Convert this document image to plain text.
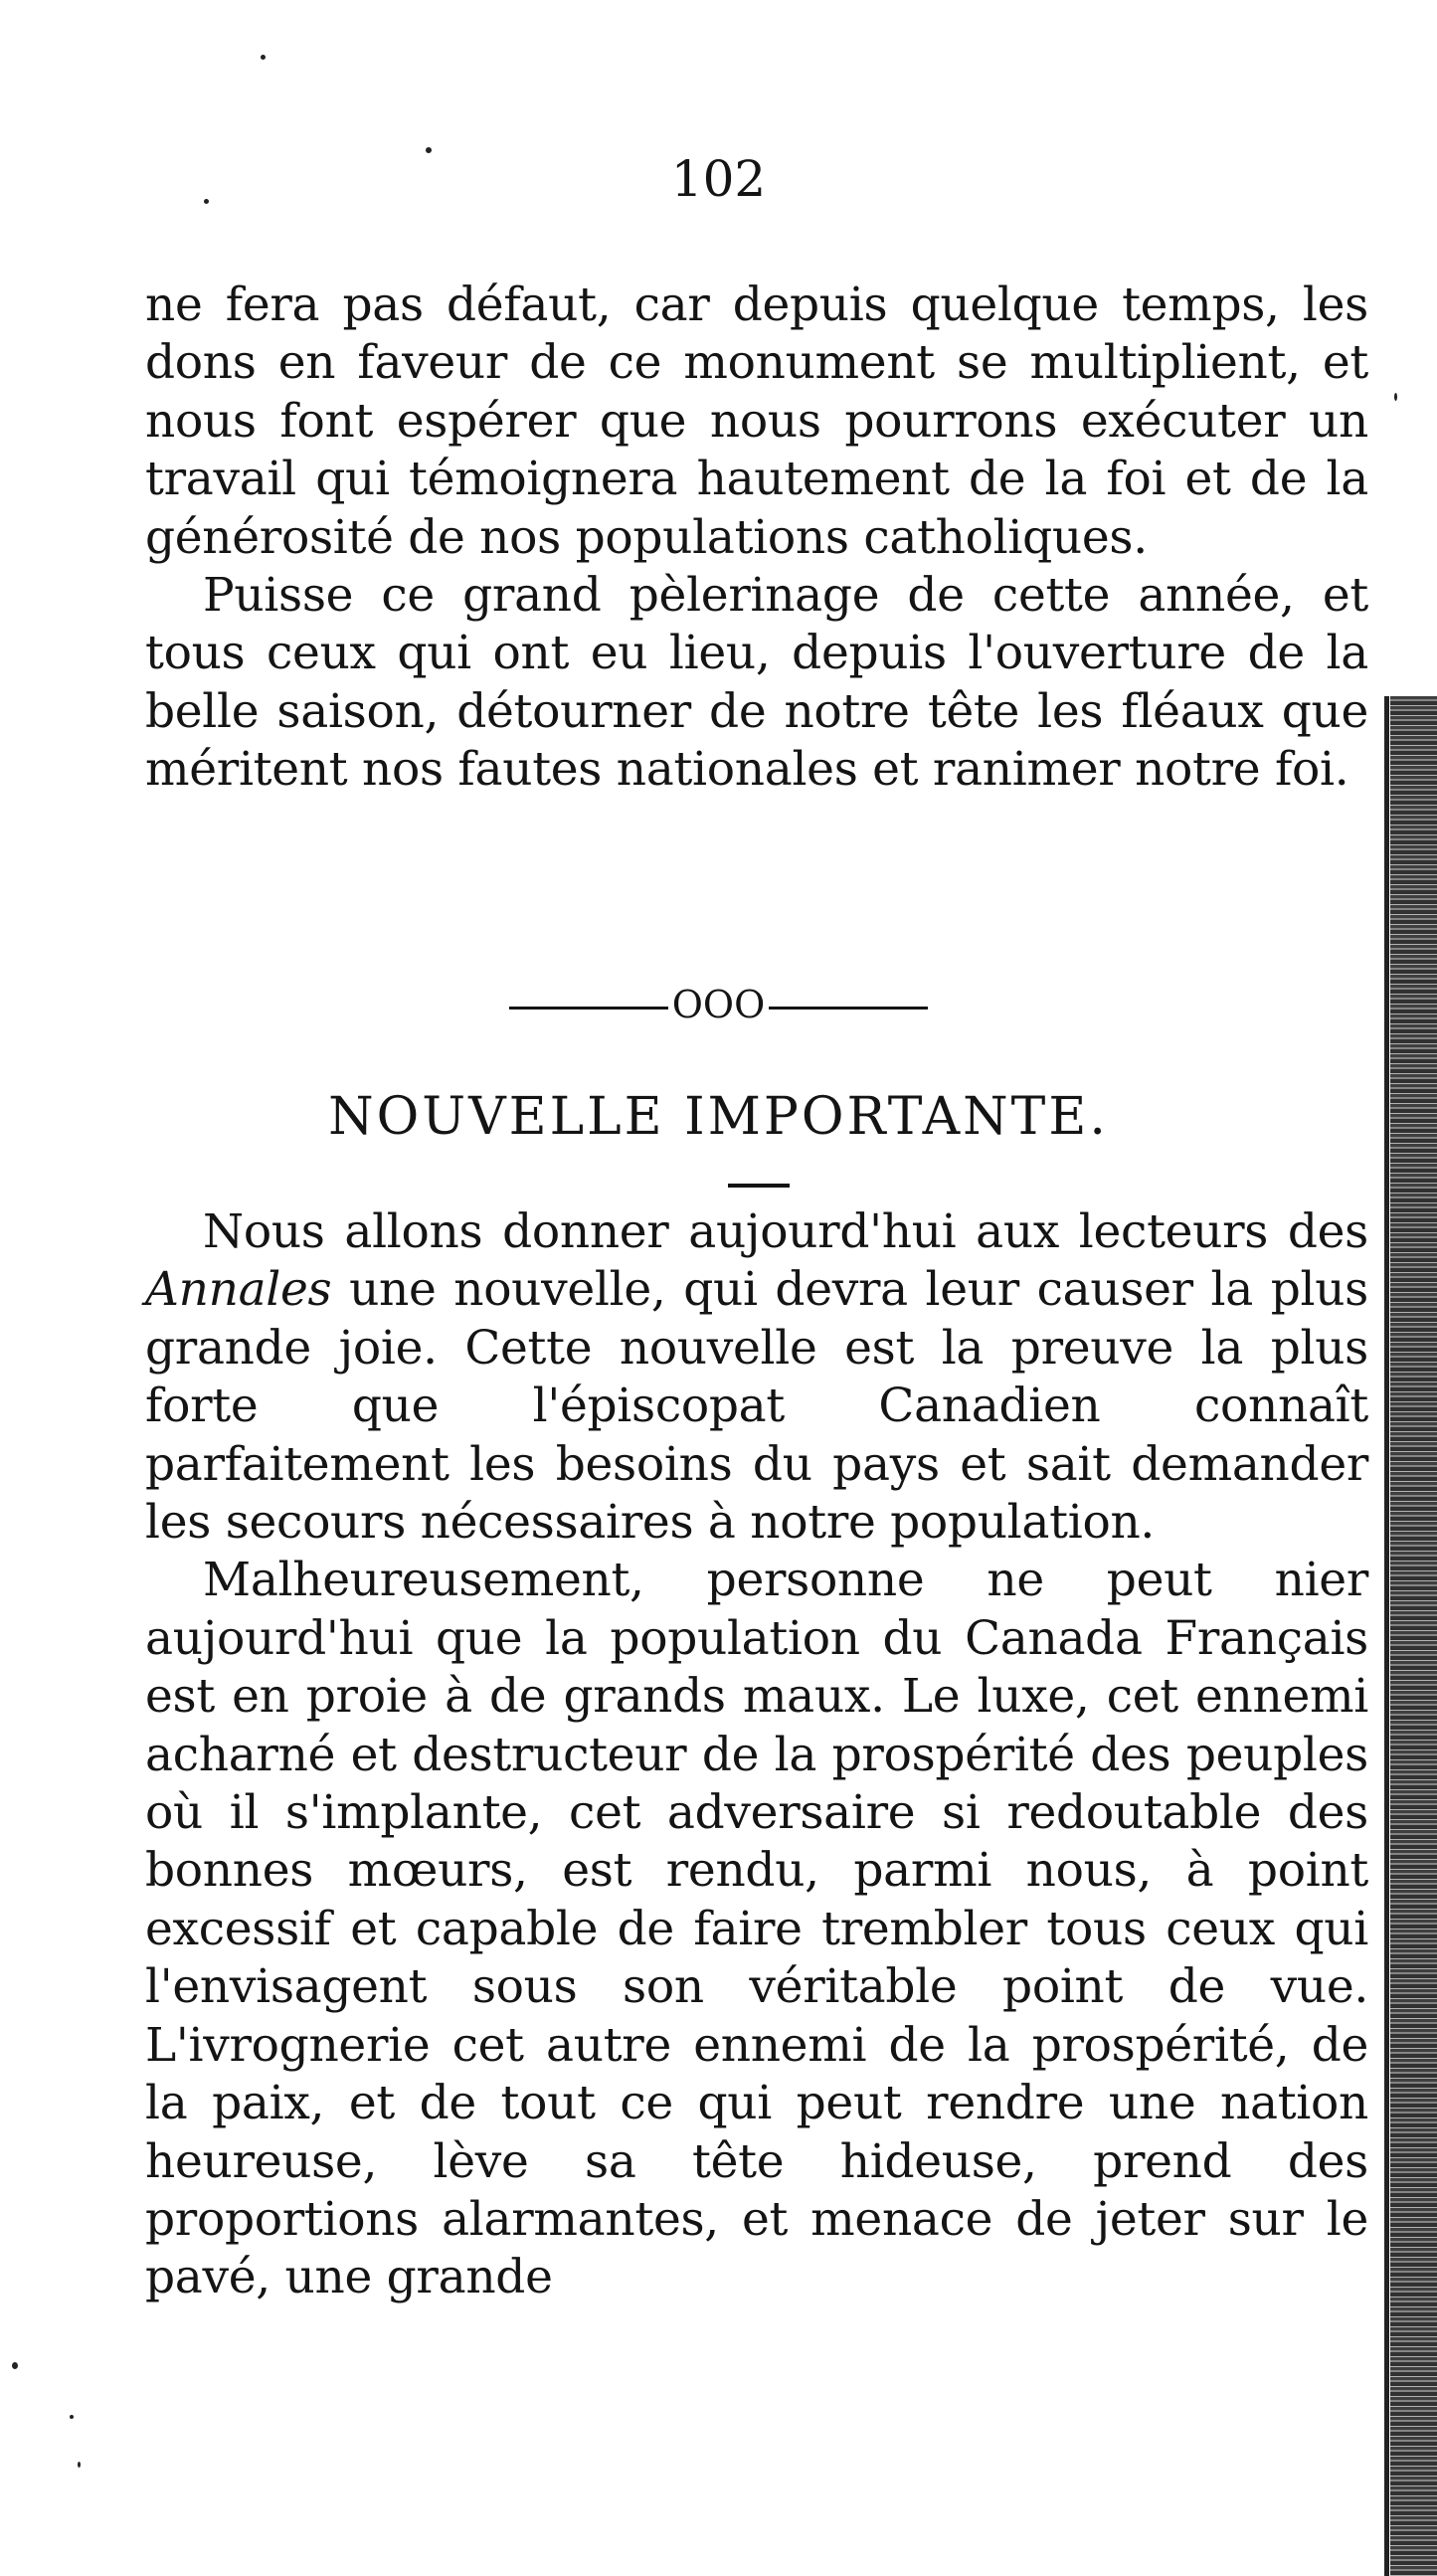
102

ne fera pas défaut, car depuis quelque temps, les dons en faveur de ce monument se multiplient, et nous font espérer que nous pourrons exécuter un travail qui témoignera hautement de la foi et de la générosité de nos populations catholiques.

Puisse ce grand pèlerinage de cette année, et tous ceux qui ont eu lieu, depuis l'ouverture de la belle saison, détourner de notre tête les fléaux que méritent nos fautes nationales et ranimer notre foi.

OOO
NOUVELLE IMPORTANTE.

Nous allons donner aujourd'hui aux lecteurs des Annales une nouvelle, qui devra leur causer la plus grande joie. Cette nouvelle est la preuve la plus forte que l'épiscopat Canadien connaît parfaitement les besoins du pays et sait demander les secours nécessaires à notre population.

Malheureusement, personne ne peut nier aujourd'hui que la population du Canada Français est en proie à de grands maux. Le luxe, cet ennemi acharné et destructeur de la prospérité des peuples où il s'implante, cet adversaire si redoutable des bonnes mœurs, est rendu, parmi nous, à point excessif et capable de faire trembler tous ceux qui l'envisagent sous son véritable point de vue. L'ivrognerie cet autre ennemi de la prospérité, de la paix, et de tout ce qui peut rendre une nation heureuse, lève sa tête hideuse, prend des proportions alarmantes, et menace de jeter sur le pavé, une grande
